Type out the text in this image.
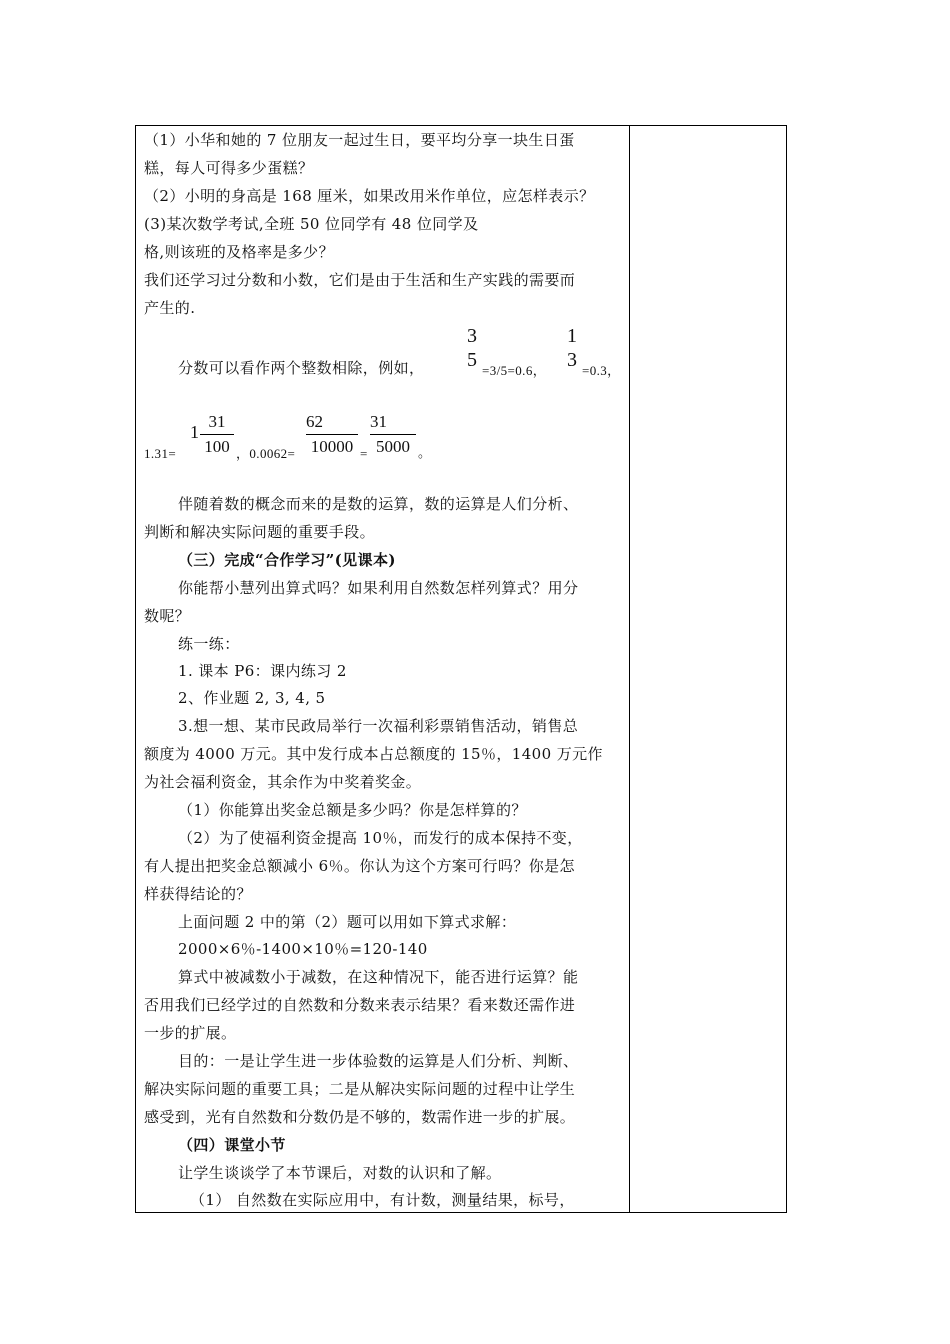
（1）小华和她的 7 位朋友一起过生日，要平均分享一块生日蛋
糕，每人可得多少蛋糕？
（2）小明的身高是 168 厘米，如果改用米作单位，应怎样表示？
(3)某次数学考试,全班 50 位同学有 48 位同学及
格,则该班的及格率是多少？
我们还学习过分数和小数，它们是由于生活和生产实践的需要而
产生的.
分数可以看作两个整数相除，例如，
3
5 =3/5=0.6，
1
3 =0.3，
1.31=
$1 \frac{31}{100}$ ，$0.0062= \frac{62}{10000} = \frac{31}{5000}$ 。
伴随着数的概念而来的是数的运算，数的运算是人们分析、
判断和解决实际问题的重要手段。
（三）完成“合作学习”(见课本)
你能帮小慧列出算式吗？如果利用自然数怎样列算式？用分
数呢？
练一练：
1. 课本 P6：课内练习 2
2、作业题 2, 3, 4, 5
3.想一想、某市民政局举行一次福利彩票销售活动，销售总
额度为 4000 万元。其中发行成本占总额度的 15％，1400 万元作
为社会福利资金，其余作为中奖着奖金。
（1）你能算出奖金总额是多少吗？你是怎样算的？
（2）为了使福利资金提高 10％，而发行的成本保持不变，
有人提出把奖金总额减小 6％。你认为这个方案可行吗？你是怎
样获得结论的？
上面问题 2 中的第（2）题可以用如下算式求解：
2000×6％-1400×10％=120-140
算式中被减数小于减数，在这种情况下，能否进行运算？能
否用我们已经学过的自然数和分数来表示结果？看来数还需作进
一步的扩展。
目的：一是让学生进一步体验数的运算是人们分析、判断、
解决实际问题的重要工具；二是从解决实际问题的过程中让学生
感受到，光有自然数和分数仍是不够的，数需作进一步的扩展。
（四）课堂小节
让学生谈谈学了本节课后，对数的认识和了解。
（1） 自然数在实际应用中，有计数，测量结果，标号，
